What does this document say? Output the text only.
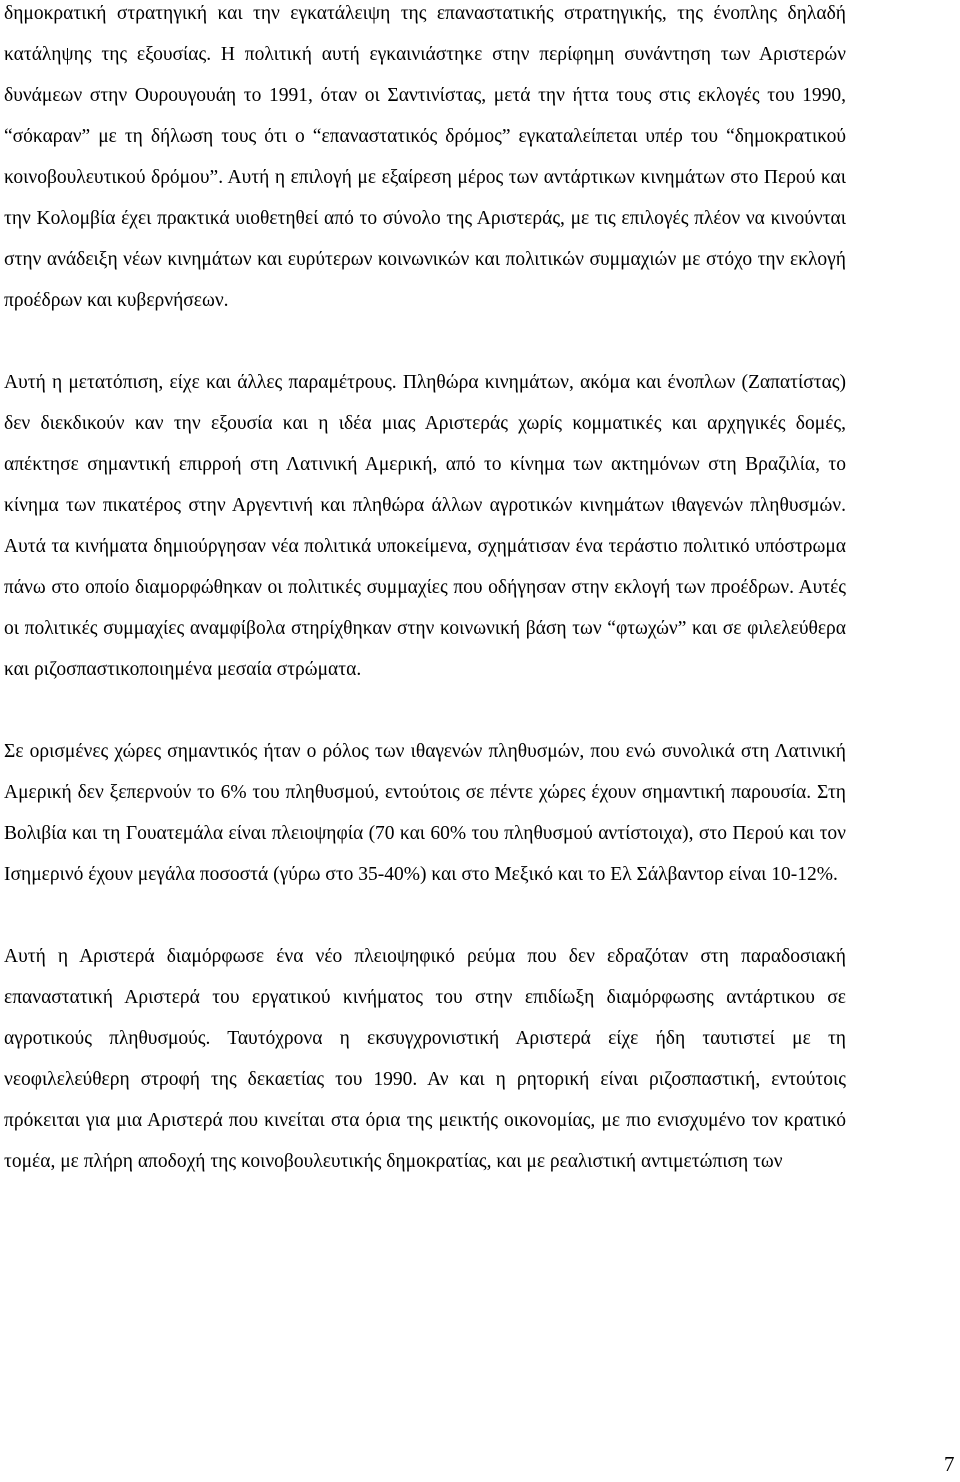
δημοκρατική στρατηγική και την εγκατάλειψη της επαναστατικής στρατηγικής, της ένοπλης δηλαδή κατάληψης της εξουσίας. Η πολιτική αυτή εγκαινιάστηκε στην περίφημη συνάντηση των Αριστερών δυνάμεων στην Ουρουγουάη το 1991, όταν οι Σαντινίστας, μετά την ήττα τους στις εκλογές του 1990, “σόκαραν” με τη δήλωση τους ότι ο “επαναστατικός δρόμος” εγκαταλείπεται υπέρ του “δημοκρατικού κοινοβουλευτικού δρόμου”. Αυτή η επιλογή με εξαίρεση μέρος των αντάρτικων κινημάτων στο Περού και την Κολομβία έχει πρακτικά υιοθετηθεί από το σύνολο της Αριστεράς, με τις επιλογές πλέον να κινούνται στην ανάδειξη νέων κινημάτων και ευρύτερων κοινωνικών και πολιτικών συμμαχιών με στόχο την εκλογή προέδρων και κυβερνήσεων.

Αυτή η μετατόπιση, είχε και άλλες παραμέτρους. Πληθώρα κινημάτων, ακόμα και ένοπλων (Ζαπατίστας) δεν διεκδικούν καν την εξουσία και η ιδέα μιας Αριστεράς χωρίς κομματικές και αρχηγικές δομές, απέκτησε σημαντική επιρροή στη Λατινική Αμερική, από το κίνημα των ακτημόνων στη Βραζιλία, το κίνημα των πικατέρος στην Αργεντινή και πληθώρα άλλων αγροτικών κινημάτων ιθαγενών πληθυσμών. Αυτά τα κινήματα δημιούργησαν νέα πολιτικά υποκείμενα, σχημάτισαν ένα τεράστιο πολιτικό υπόστρωμα πάνω στο οποίο διαμορφώθηκαν οι πολιτικές συμμαχίες που οδήγησαν στην εκλογή των προέδρων. Αυτές οι πολιτικές συμμαχίες αναμφίβολα στηρίχθηκαν στην κοινωνική βάση των “φτωχών” και σε φιλελεύθερα και ριζοσπαστικοποιημένα μεσαία στρώματα.

Σε ορισμένες χώρες σημαντικός ήταν ο ρόλος των ιθαγενών πληθυσμών, που ενώ συνολικά στη Λατινική Αμερική δεν ξεπερνούν το 6% του πληθυσμού, εντούτοις σε πέντε χώρες έχουν σημαντική παρουσία. Στη Βολιβία και τη Γουατεμάλα είναι πλειοψηφία (70 και 60% του πληθυσμού αντίστοιχα), στο Περού και τον Ισημερινό έχουν μεγάλα ποσοστά (γύρω στο 35-40%) και στο Μεξικό και το Ελ Σάλβαντορ είναι 10-12%.

Αυτή η Αριστερά διαμόρφωσε ένα νέο πλειοψηφικό ρεύμα που δεν εδραζόταν στη παραδοσιακή επαναστατική Αριστερά του εργατικού κινήματος του στην επιδίωξη διαμόρφωσης αντάρτικου σε αγροτικούς πληθυσμούς. Ταυτόχρονα η εκσυγχρονιστική Αριστερά είχε ήδη ταυτιστεί με τη νεοφιλελεύθερη στροφή της δεκαετίας του 1990. Αν και η ρητορική είναι ριζοσπαστική, εντούτοις πρόκειται για μια Αριστερά που κινείται στα όρια της μεικτής οικονομίας, με πιο ενισχυμένο τον κρατικό τομέα, με πλήρη αποδοχή της κοινοβουλευτικής δημοκρατίας, και με ρεαλιστική αντιμετώπιση των

7
